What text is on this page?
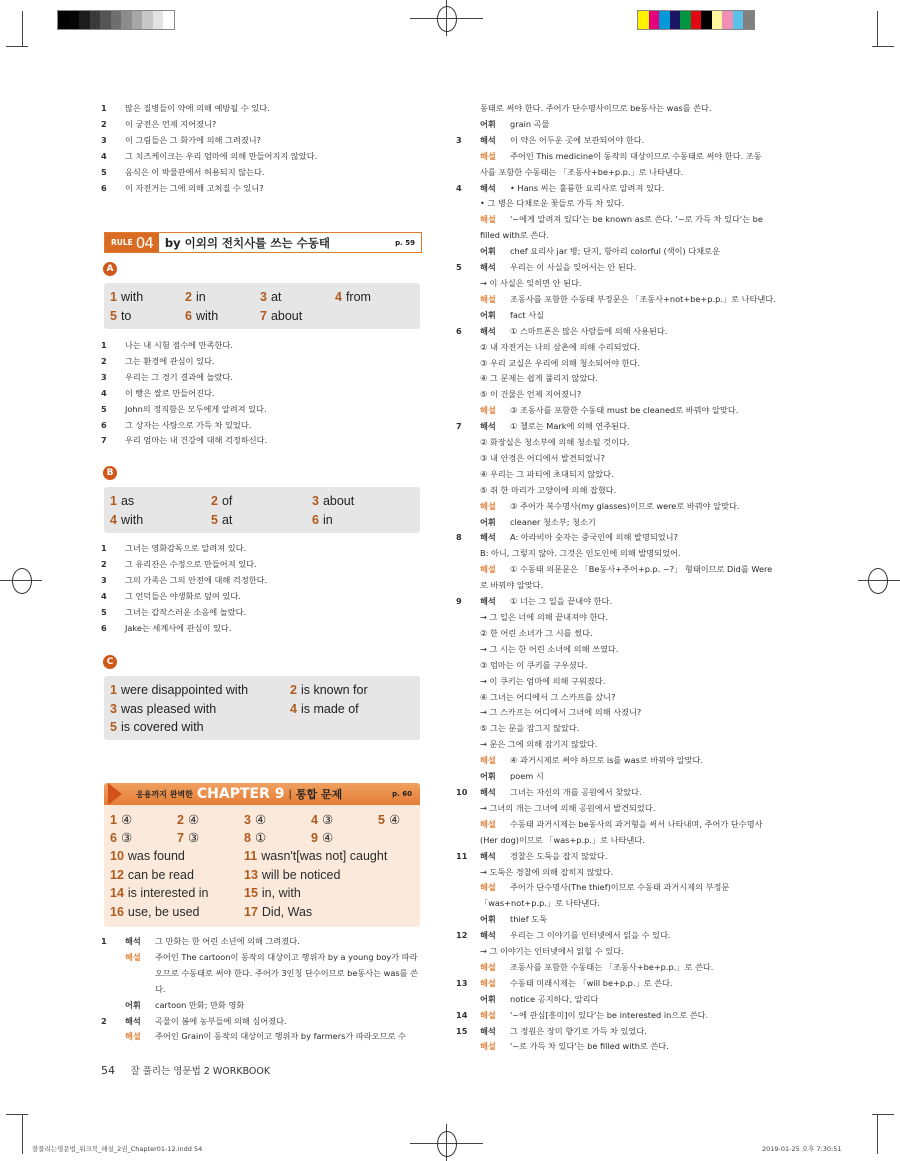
1	많은 질병들이 약에 의해 예방될 수 있다.
2	이 궁전은 언제 지어졌니?
3	이 그림들은 그 화가에 의해 그려졌니?
4	그 치즈케이크는 우리 엄마에 의해 만들어지지 않았다.
5	음식은 이 박물관에서 허용되지 않는다.
6	이 자전거는 그에 의해 고쳐질 수 있니?
RULE 04 by 이외의 전치사를 쓰는 수동태	p. 59
A
1 with	2 in	3 at	4 from
5 to	6 with	7 about
1	나는 내 시험 점수에 만족한다.
2	그는 환경에 관심이 있다.
3	우리는 그 경기 결과에 놀랐다.
4	이 빵은 쌀로 만들어진다.
5	John의 정직함은 모두에게 알려져 있다.
6	그 상자는 사탕으로 가득 차 있었다.
7	우리 엄마는 내 건강에 대해 걱정하신다.
B
1 as	2 of	3 about
4 with	5 at	6 in
1	그녀는 영화감독으로 알려져 있다.
2	그 유리잔은 수정으로 만들어져 있다.
3	그의 가족은 그의 안전에 대해 걱정한다.
4	그 언덕들은 야생화로 덮여 있다.
5	그녀는 갑작스러운 소음에 놀랐다.
6	Jake는 세계사에 관심이 있다.
C
1 were disappointed with	2 is known for
3 was pleased with	4 is made of
5 is covered with
응용까지 완벽한 CHAPTER 9 | 통합 문제	p. 60
1 ④	2 ④	3 ④	4 ③	5 ④
6 ③	7 ③	8 ①	9 ④
10 was found	11 wasn't[was not] caught
12 can be read	13 will be noticed
14 is interested in	15 in, with
16 use, be used	17 Did, Was
1	해석	그 만화는 한 어린 소년에 의해 그려졌다.
해설	주어인 The cartoon이 동작의 대상이고 행위자 by a young boy가 따라오므로 수동태로 써야 한다. 주어가 3인칭 단수이므로 be동사는 was를 쓴다.
어휘	cartoon 만화; 만화 영화
2	해석	곡물이 봄에 농부들에 의해 심어졌다.
해설	주어인 Grain이 동작의 대상이고 행위자 by farmers가 따라오므로 수
54 잘 풀리는 영문법 2 WORKBOOK
동태로 써야 한다. 주어가 단수명사이므로 be동사는 was를 쓴다.
어휘	grain 곡물
3	해석	이 약은 어두운 곳에 보관되어야 한다.
해설	주어인 This medicine이 동작의 대상이므로 수동태로 써야 한다. 조동
사를 포함한 수동태는 「조동사+be+p.p.」로 나타낸다.
4	해석	• Hans 씨는 훌륭한 요리사로 알려져 있다.
• 그 병은 다채로운 꽃들로 가득 차 있다.
해설	'~에게 알려져 있다'는 be known as로 쓴다. '~로 가득 차 있다'는 be
filled with로 쓴다.
어휘	chef 요리사 jar 병; 단지, 항아리 colorful (색이) 다채로운
5	해석	우리는 이 사실을 잊어서는 안 된다.
→ 이 사실은 잊히면 안 된다.
해설	조동사를 포함한 수동태 부정문은 「조동사+not+be+p.p.」로 나타낸다.
어휘	fact 사실
6	해석	① 스마트폰은 많은 사람들에 의해 사용된다.
② 내 자전거는 나의 삼촌에 의해 수리되었다.
③ 우리 교실은 우리에 의해 청소되어야 한다.
④ 그 문제는 쉽게 풀리지 않았다.
⑤ 이 건물은 언제 지어졌니?
해설	③ 조동사를 포함한 수동태 must be cleaned로 바꿔야 알맞다.
7	해석	① 첼로는 Mark에 의해 연주된다.
② 화장실은 청소부에 의해 청소될 것이다.
③ 내 안경은 어디에서 발견되었니?
④ 우리는 그 파티에 초대되지 않았다.
⑤ 쥐 한 마리가 고양이에 의해 잡혔다.
해설	③ 주어가 복수명사(my glasses)이므로 were로 바꿔야 알맞다.
어휘	cleaner 청소부; 청소기
8	해석	A: 아라비아 숫자는 중국인에 의해 발명되었니?
B: 아니, 그렇지 않아. 그것은 인도인에 의해 발명되었어.
해설	① 수동태 의문문은 「Be동사+주어+p.p. ~?」 형태이므로 Did를 Were
로 바꿔야 알맞다.
9	해석	① 너는 그 일을 끝내야 한다.
→ 그 일은 너에 의해 끝내져야 한다.
② 한 어린 소녀가 그 시를 썼다.
→ 그 시는 한 어린 소녀에 의해 쓰였다.
③ 엄마는 이 쿠키를 구우셨다.
→ 이 쿠키는 엄마에 의해 구워졌다.
④ 그녀는 어디에서 그 스카프를 샀니?
→ 그 스카프는 어디에서 그녀에 의해 사졌니?
⑤ 그는 문을 잠그지 않았다.
→ 문은 그에 의해 잠기지 않았다.
해설	④ 과거시제로 써야 하므로 is를 was로 바꿔야 알맞다.
어휘	poem 시
10	해석	그녀는 자신의 개를 공원에서 찾았다.
→ 그녀의 개는 그녀에 의해 공원에서 발견되었다.
해설	수동태 과거시제는 be동사의 과거형을 써서 나타내며, 주어가 단수명사
(Her dog)이므로 「was+p.p.」로 나타낸다.
11	해석	경찰은 도둑을 잡지 않았다.
→ 도둑은 경찰에 의해 잡히지 않았다.
해설	주어가 단수명사(The thief)이므로 수동태 과거시제의 부정문
「was+not+p.p.」로 나타낸다.
어휘	thief 도둑
12	해석	우리는 그 이야기를 인터넷에서 읽을 수 있다.
→ 그 이야기는 인터넷에서 읽힐 수 있다.
해설	조동사를 포함한 수동태는 「조동사+be+p.p.」로 쓴다.
13	해설	수동태 미래시제는 「will be+p.p.」로 쓴다.
어휘	notice 공지하다, 알리다
14	해설	'~에 관심[흥미]이 있다'는 be interested in으로 쓴다.
15	해석	그 정원은 장미 향기로 가득 차 있었다.
해설	'~로 가득 차 있다'는 be filled with로 쓴다.
잘풀리는영문법_워크북_해설_2권_Chapter01-12.indd 54	2019-01-25 오후 7:30:51
